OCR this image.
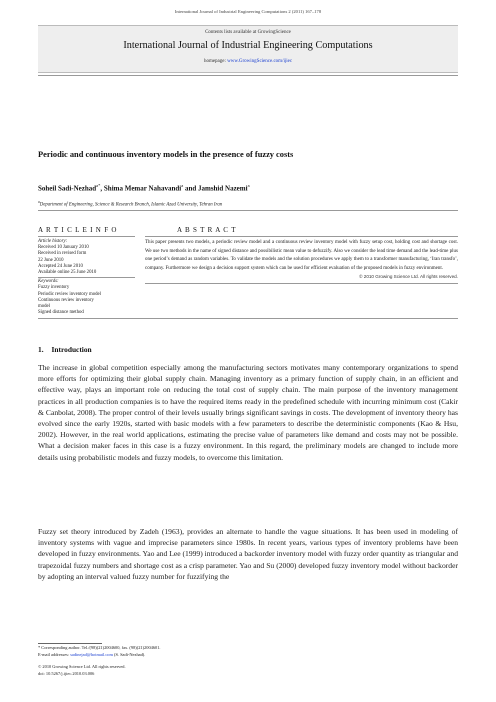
International Journal of Industrial Engineering Computations 2 (2011) 167–178
Contents lists available at GrowingScience
International Journal of Industrial Engineering Computations
homepage: www.GrowingScience.com/ijiec
Periodic and continuous inventory models in the presence of fuzzy costs
Soheil Sadi-Nezhad$^{a*}$, Shima Memar Nahavandi$^a$ and Jamshid Nazemi$^a$
$^a$Department of Engineering, Science & Research Branch, Islamic Azad University, Tehran Iran
A R T I C L E I N F O	A B S T R A C T
Article history:
Received 10 January 2010
Received in revised form
22 June 2010
Accepted 24 June 2010
Available online 25 June 2010
Keywords:
Fuzzy inventory
Periodic review inventory model
Continuous review inventory
model
Signed distance method
This paper presents two models, a periodic review model and a continuous review inventory model with fuzzy setup cost, holding cost and shortage cost. We use two methods in the name of signed distance and possibilistic mean value to defuzzify. Also we consider the lead time demand and the lead-time plus one period’s demand as random variables. To validate the models and the solution procedures we apply them to a transformer manufacturing, ‘Iran transfo’, company. Furthermore we design a decision support system which can be used for efficient evaluation of the proposed models in fuzzy environment.
© 2010 Growing Science Ltd. All rights reserved.
1. Introduction
The increase in global competition especially among the manufacturing sectors motivates many contemporary organizations to spend more efforts for optimizing their global supply chain. Managing inventory as a primary function of supply chain, in an efficient and effective way, plays an important role on reducing the total cost of supply chain. The main purpose of the inventory management practices in all production companies is to have the required items ready in the predefined schedule with incurring minimum cost (Cakir & Canbolat, 2008). The proper control of their levels usually brings significant savings in costs. The development of inventory theory has evolved since the early 1920s, started with basic models with a few parameters to describe the deterministic components (Kao & Hsu, 2002). However, in the real world applications, estimating the precise value of parameters like demand and costs may not be possible. What a decision maker faces in this case is a fuzzy environment. In this regard, the preliminary models are changed to include more details using probabilistic models and fuzzy models, to overcome this limitation.
Fuzzy set theory introduced by Zadeh (1963), provides an alternate to handle the vague situations. It has been used in modeling of inventory systems with vague and imprecise parameters since 1980s. In recent years, various types of inventory problems have been developed in fuzzy environments. Yao and Lee (1999) introduced a backorder inventory model with fuzzy order quantity as triangular and trapezoidal fuzzy numbers and shortage cost as a crisp parameter. Yao and Su (2000) developed fuzzy inventory model without backorder by adopting an interval valued fuzzy number for fuzzifying the
* Corresponding author. Tel./(98)(21)2004600, fax. (98)(21)2004601.
E-mail addresses: sadinejad@hotmail.com (S. Sadi-Nezhad).
© 2010 Growing Science Ltd. All rights reserved.
doi: 10.5267/j.ijiec.2010.03.006
